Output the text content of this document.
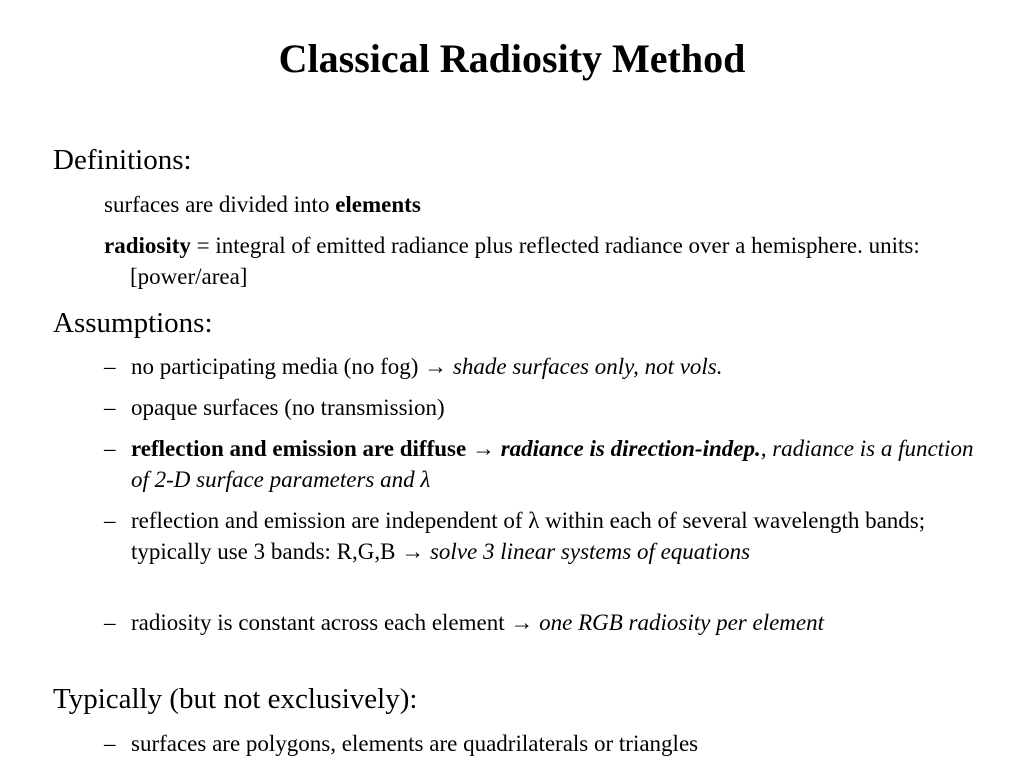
Classical Radiosity Method
Definitions:
surfaces are divided into elements
radiosity = integral of emitted radiance plus reflected radiance over a hemisphere. units: [power/area]
Assumptions:
– no participating media (no fog) → shade surfaces only, not vols.
– opaque surfaces (no transmission)
– reflection and emission are diffuse → radiance is direction-indep., radiance is a function of 2-D surface parameters and λ
– reflection and emission are independent of λ within each of several wavelength bands; typically use 3 bands: R,G,B → solve 3 linear systems of equations
– radiosity is constant across each element → one RGB radiosity per element
Typically (but not exclusively):
– surfaces are polygons, elements are quadrilaterals or triangles
